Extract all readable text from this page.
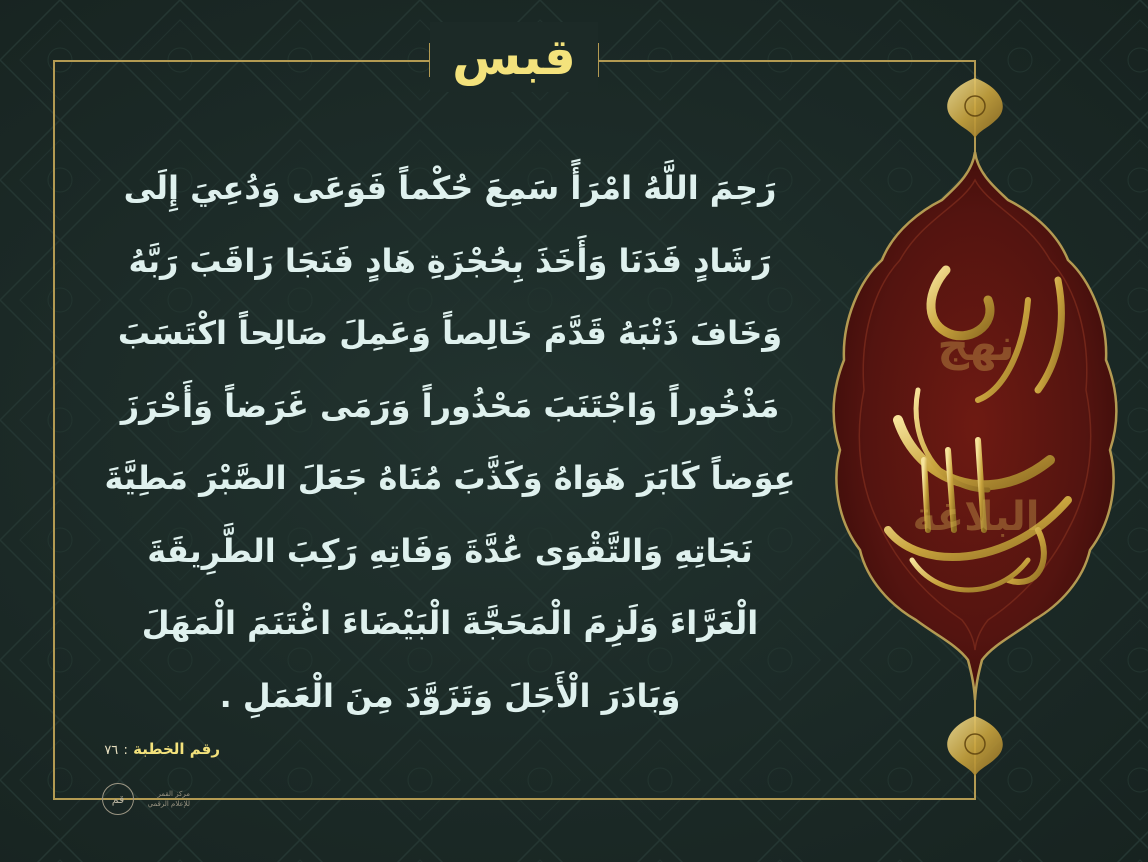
قبس
رَحِمَ اللَّهُ امْرَأً سَمِعَ حُكْماً فَوَعَى وَدُعِيَ إِلَى
رَشَادٍ فَدَنَا وَأَخَذَ بِحُجْزَةِ هَادٍ فَنَجَا رَاقَبَ رَبَّهُ
وَخَافَ ذَنْبَهُ قَدَّمَ خَالِصاً وَعَمِلَ صَالِحاً اكْتَسَبَ
مَذْخُوراً وَاجْتَنَبَ مَحْذُوراً وَرَمَى غَرَضاً وَأَحْرَزَ
عِوَضاً كَابَرَ هَوَاهُ وَكَذَّبَ مُنَاهُ جَعَلَ الصَّبْرَ مَطِيَّةَ
نَجَاتِهِ وَالتَّقْوَى عُدَّةَ وَفَاتِهِ رَكِبَ الطَّرِيقَةَ
الْغَرَّاءَ وَلَزِمَ الْمَحَجَّةَ الْبَيْضَاءَ اغْتَنَمَ الْمَهَلَ
وَبَادَرَ الْأَجَلَ وَتَزَوَّدَ مِنَ الْعَمَلِ .
رقم الخطبة : ٧٦
مركز القمر
للإعلام الرقمي
قم
نهج
البلاغة
